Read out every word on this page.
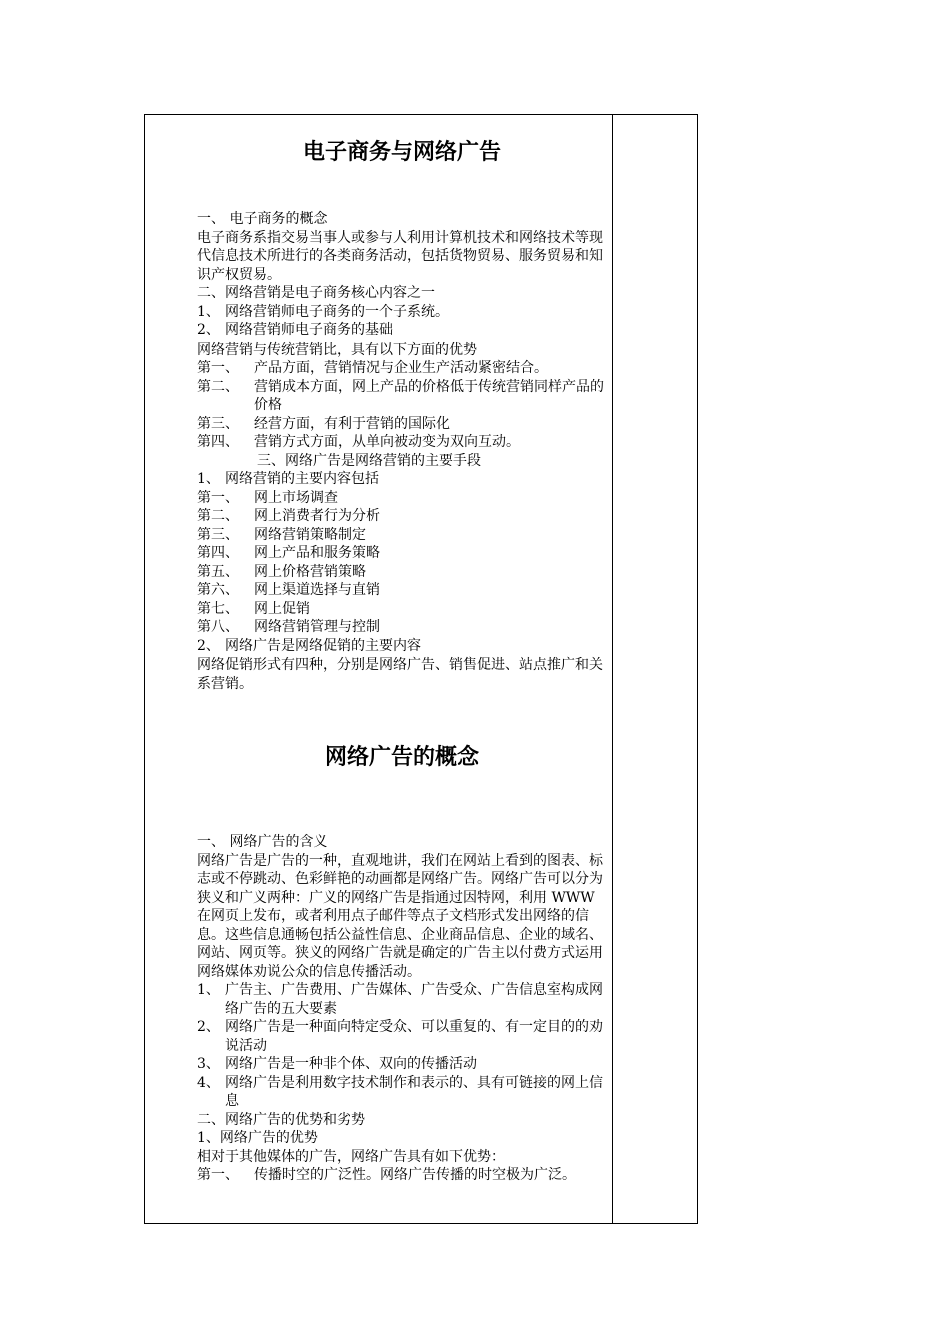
电子商务与网络广告

一、 电子商务的概念

电子商务系指交易当事人或参与人利用计算机技术和网络技术等现代信息技术所进行的各类商务活动，包括货物贸易、服务贸易和知识产权贸易。

二、网络营销是电子商务核心内容之一

1、 网络营销师电子商务的一个子系统。
2、 网络营销师电子商务的基础

网络营销与传统营销比，具有以下方面的优势

第一、	产品方面，营销情况与企业生产活动紧密结合。
第二、	营销成本方面，网上产品的价格低于传统营销同样产品的价格
第三、	经营方面，有利于营销的国际化
第四、	营销方式方面，从单向被动变为双向互动。

三、网络广告是网络营销的主要手段

1、 网络营销的主要内容包括
第一、	网上市场调查
第二、	网上消费者行为分析
第三、	网络营销策略制定
第四、	网上产品和服务策略
第五、	网上价格营销策略
第六、	网上渠道选择与直销
第七、	网上促销
第八、	网络营销管理与控制
2、 网络广告是网络促销的主要内容

网络促销形式有四种，分别是网络广告、销售促进、站点推广和关系营销。

网络广告的概念

一、 网络广告的含义

网络广告是广告的一种，直观地讲，我们在网站上看到的图表、标志或不停跳动、色彩鲜艳的动画都是网络广告。网络广告可以分为狭义和广义两种：广义的网络广告是指通过因特网，利用 WWW 在网页上发布，或者利用点子邮件等点子文档形式发出网络的信息。这些信息通畅包括公益性信息、企业商品信息、企业的域名、网站、网页等。狭义的网络广告就是确定的广告主以付费方式运用网络媒体劝说公众的信息传播活动。

1、 广告主、广告费用、广告媒体、广告受众、广告信息室构成网络广告的五大要素
2、 网络广告是一种面向特定受众、可以重复的、有一定目的的劝说活动
3、 网络广告是一种非个体、双向的传播活动
4、 网络广告是利用数字技术制作和表示的、具有可链接的网上信息

二、网络广告的优势和劣势

1、网络广告的优势

相对于其他媒体的广告，网络广告具有如下优势：

第一、	传播时空的广泛性。网络广告传播的时空极为广泛。
